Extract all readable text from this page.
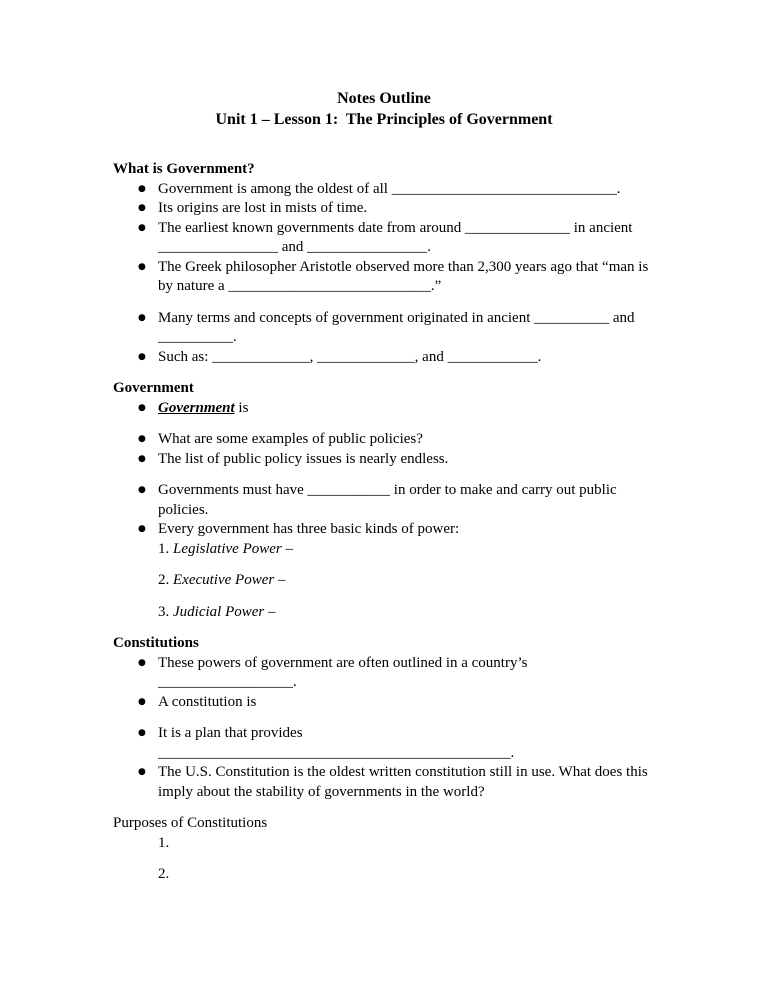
Notes Outline
Unit 1 – Lesson 1:  The Principles of Government
What is Government?
● Government is among the oldest of all ______________________________.
● Its origins are lost in mists of time.
● The earliest known governments date from around ______________ in ancient
________________ and ________________.
● The Greek philosopher Aristotle observed more than 2,300 years ago that “man is
by nature a ___________________________.”
● Many terms and concepts of government originated in ancient __________ and
__________.
● Such as: _____________, _____________, and ____________.
Government
● Government is
● What are some examples of public policies?
● The list of public policy issues is nearly endless.
● Governments must have ___________ in order to make and carry out public
policies.
● Every government has three basic kinds of power:
1. Legislative Power –
2. Executive Power –
3. Judicial Power –
Constitutions
● These powers of government are often outlined in a country’s
__________________.
● A constitution is
● It is a plan that provides
_______________________________________________.
● The U.S. Constitution is the oldest written constitution still in use. What does this
imply about the stability of governments in the world?
Purposes of Constitutions
1.
2.
